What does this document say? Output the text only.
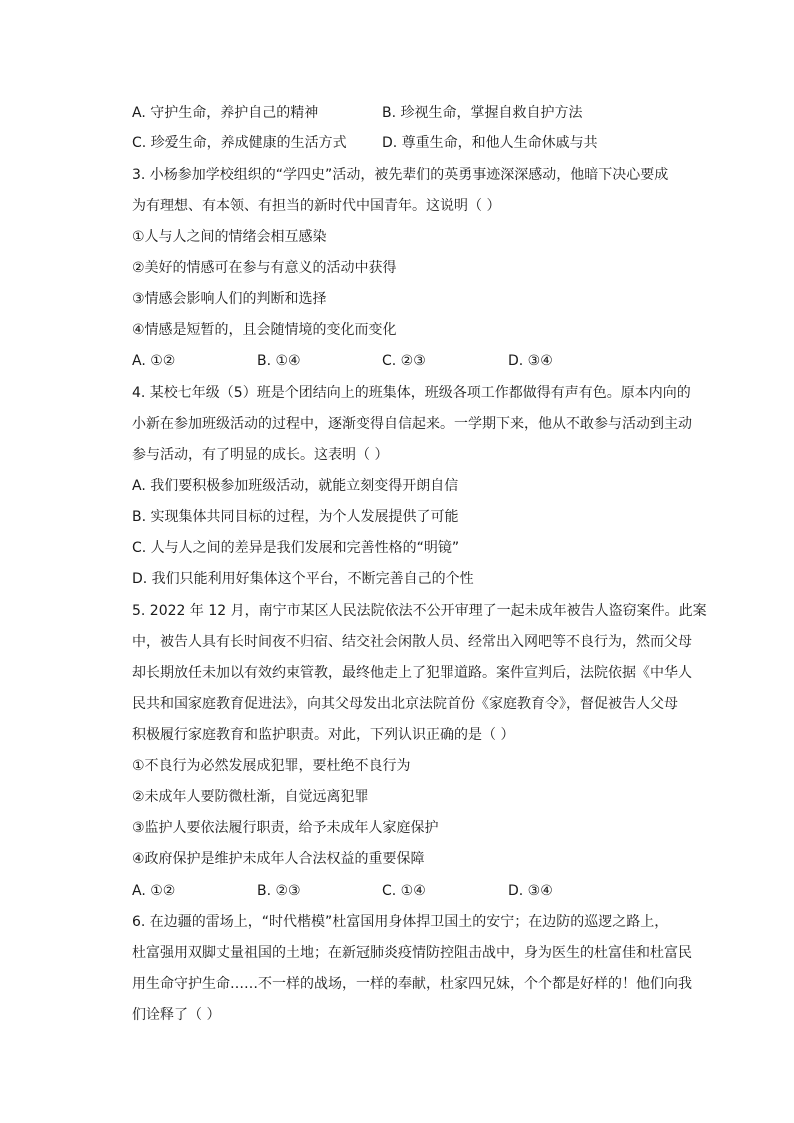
A. 守护生命，养护自己的精神	B. 珍视生命，掌握自救自护方法
C. 珍爱生命，养成健康的生活方式	D. 尊重生命，和他人生命休戚与共
3. 小杨参加学校组织的“学四史”活动，被先辈们的英勇事迹深深感动，他暗下决心要成
为有理想、有本领、有担当的新时代中国青年。这说明（ ）
①人与人之间的情绪会相互感染
②美好的情感可在参与有意义的活动中获得
③情感会影响人们的判断和选择
④情感是短暂的，且会随情境的变化而变化
A. ①②	B. ①④	C. ②③	D. ③④
4. 某校七年级（5）班是个团结向上的班集体，班级各项工作都做得有声有色。原本内向的
小新在参加班级活动的过程中，逐渐变得自信起来。一学期下来，他从不敢参与活动到主动
参与活动，有了明显的成长。这表明（ ）
A. 我们要积极参加班级活动，就能立刻变得开朗自信
B. 实现集体共同目标的过程，为个人发展提供了可能
C. 人与人之间的差异是我们发展和完善性格的“明镜”
D. 我们只能利用好集体这个平台，不断完善自己的个性
5. 2022 年 12 月，南宁市某区人民法院依法不公开审理了一起未成年被告人盗窃案件。此案
中，被告人具有长时间夜不归宿、结交社会闲散人员、经常出入网吧等不良行为，然而父母
却长期放任未加以有效约束管教，最终他走上了犯罪道路。案件宣判后，法院依据《中华人
民共和国家庭教育促进法》，向其父母发出北京法院首份《家庭教育令》，督促被告人父母
积极履行家庭教育和监护职责。对此，下列认识正确的是（ ）
①不良行为必然发展成犯罪，要杜绝不良行为
②未成年人要防微杜渐，自觉远离犯罪
③监护人要依法履行职责，给予未成年人家庭保护
④政府保护是维护未成年人合法权益的重要保障
A. ①②	B. ②③	C. ①④	D. ③④
6. 在边疆的雷场上，“时代楷模”杜富国用身体捍卫国土的安宁；在边防的巡逻之路上，
杜富强用双脚丈量祖国的土地；在新冠肺炎疫情防控阻击战中，身为医生的杜富佳和杜富民
用生命守护生命……不一样的战场，一样的奉献，杜家四兄妹，个个都是好样的！他们向我
们诠释了（ ）
